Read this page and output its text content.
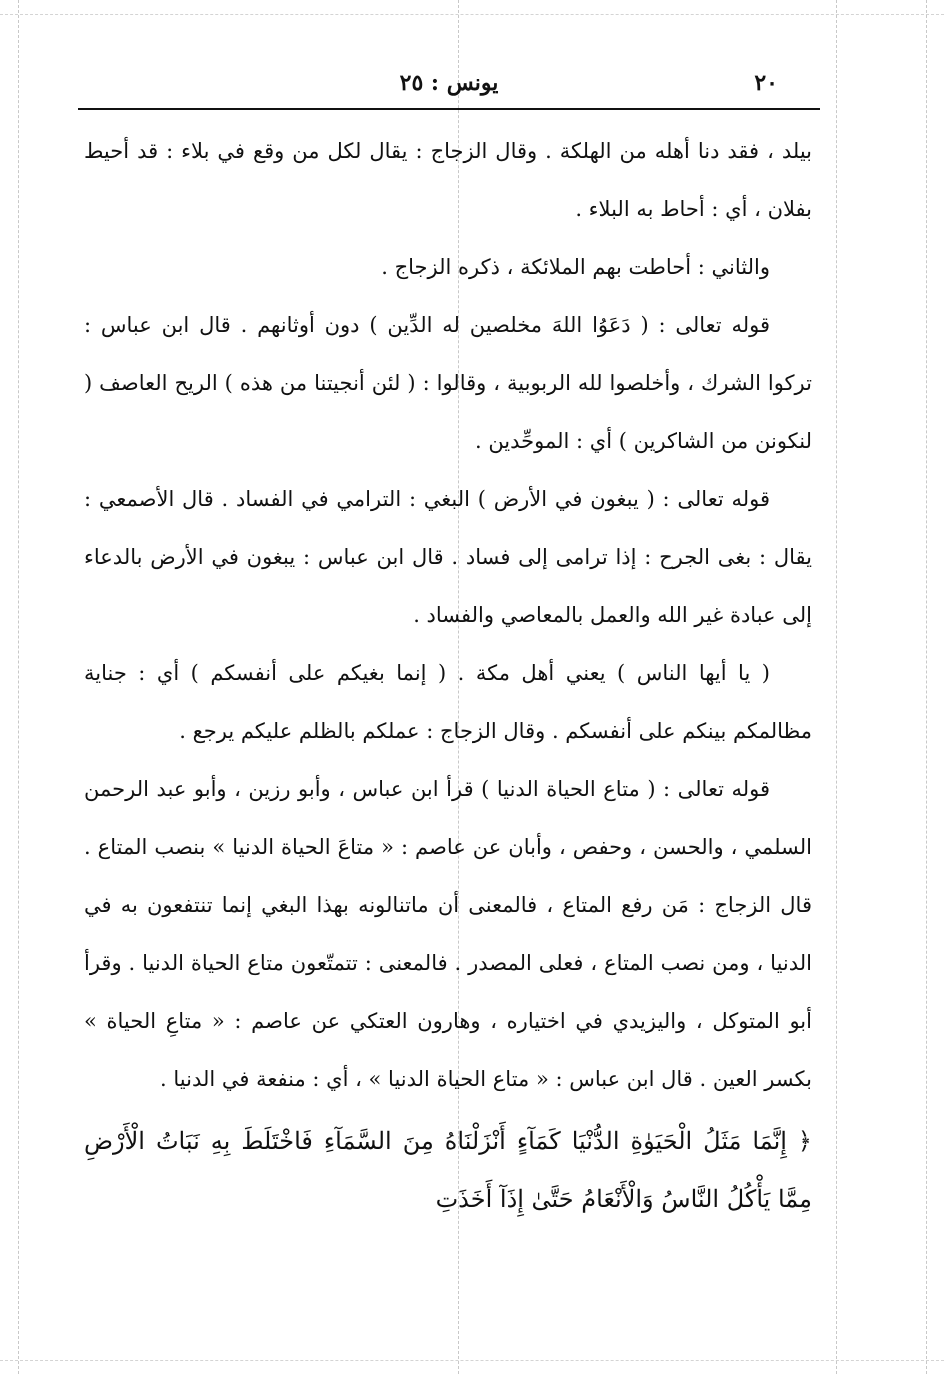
٢٠
يونس : ٢٥

بيلد ، فقد دنا أهله من الهلكة . وقال الزجاج : يقال لكل من وقع في بلاء : قد أحيط بفلان ، أي : أحاط به البلاء .

والثاني : أحاطت بهم الملائكة ، ذكره الزجاج .

قوله تعالى : ( دَعَوُا اللهَ مخلصين له الدِّين ) دون أوثانهم . قال ابن عباس : تركوا الشرك ، وأخلصوا لله الربوبية ، وقالوا : ( لئن أنجيتنا من هذه ) الريح العاصف ( لنكونن من الشاكرين ) أي : الموحِّدين .

قوله تعالى : ( يبغون في الأرض ) البغي : الترامي في الفساد . قال الأصمعي : يقال : بغى الجرح : إذا ترامى إلى فساد . قال ابن عباس : يبغون في الأرض بالدعاء إلى عبادة غير الله والعمل بالمعاصي والفساد .

( يا أيها الناس ) يعني أهل مكة . ( إنما بغيكم على أنفسكم ) أي : جناية مظالمكم بينكم على أنفسكم . وقال الزجاج : عملكم بالظلم عليكم يرجع .

قوله تعالى : ( متاع الحياة الدنيا ) قرأ ابن عباس ، وأبو رزين ، وأبو عبد الرحمن السلمي ، والحسن ، وحفص ، وأبان عن عاصم : « متاعَ الحياة الدنيا » بنصب المتاع . قال الزجاج : مَن رفع المتاع ، فالمعنى أن ماتنالونه بهذا البغي إنما تنتفعون به في الدنيا ، ومن نصب المتاع ، فعلى المصدر . فالمعنى : تتمتّعون متاع الحياة الدنيا . وقرأ أبو المتوكل ، واليزيدي في اختياره ، وهارون العتكي عن عاصم : « متاعِ الحياة » بكسر العين . قال ابن عباس : « متاع الحياة الدنيا » ، أي : منفعة في الدنيا .

﴿ إِنَّمَا مَثَلُ الْحَيَوٰةِ الدُّنْيَا كَمَآءٍ أَنْزَلْنَاهُ مِنَ السَّمَآءِ فَاخْتَلَطَ بِهِ نَبَاتُ الْأَرْضِ مِمَّا يَأْكُلُ النَّاسُ وَالْأَنْعَامُ حَتَّىٰ إِذَآ أَخَذَتِ
